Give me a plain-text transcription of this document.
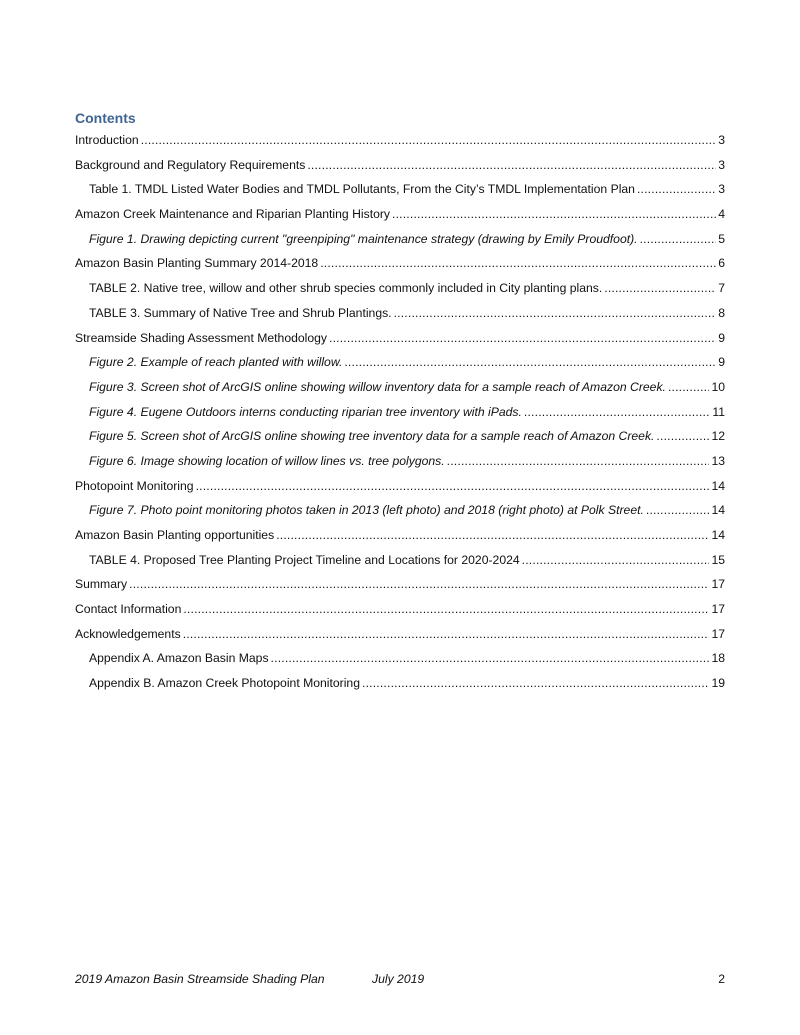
Contents
Introduction . . .	3
Background and Regulatory Requirements . . .	3
Table 1. TMDL Listed Water Bodies and TMDL Pollutants, From the City’s TMDL Implementation Plan . . .	3
Amazon Creek Maintenance and Riparian Planting History . . .	4
Figure 1. Drawing depicting current "greenpiping" maintenance strategy (drawing by Emily Proudfoot). . . .	5
Amazon Basin Planting Summary 2014-2018 . . .	6
TABLE 2. Native tree, willow and other shrub species commonly included in City planting plans. . . .	7
TABLE 3. Summary of Native Tree and Shrub Plantings. . . .	8
Streamside Shading Assessment Methodology . . .	9
Figure 2. Example of reach planted with willow. . . .	9
Figure 3. Screen shot of ArcGIS online showing willow inventory data for a sample reach of Amazon Creek. . . .	10
Figure 4. Eugene Outdoors interns conducting riparian tree inventory with iPads. . . .	11
Figure 5. Screen shot of ArcGIS online showing tree inventory data for a sample reach of Amazon Creek. . . .	12
Figure 6. Image showing location of willow lines vs. tree polygons. . . .	13
Photopoint Monitoring . . .	14
Figure 7. Photo point monitoring photos taken in 2013 (left photo) and 2018 (right photo) at Polk Street. . . .	14
Amazon Basin Planting opportunities . . .	14
TABLE 4. Proposed Tree Planting Project Timeline and Locations for 2020-2024 . . .	15
Summary . . .	17
Contact Information . . .	17
Acknowledgements . . .	17
Appendix A. Amazon Basin Maps . . .	18
Appendix B. Amazon Creek Photopoint Monitoring . . .	19
2019 Amazon Basin Streamside Shading Plan	July 2019	2
